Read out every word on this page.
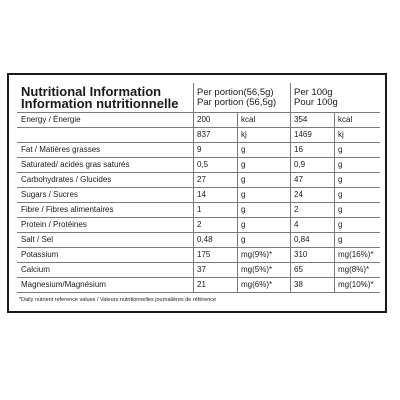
Nutritional Information
Information nutritionnelle	Per portion(56,5g)
Par portion (56,5g)		Per 100g
Pour 100g	

Energy / Énergie	200	kcal	354	kcal
	837	kj	1469	kj
Fat / Matières grasses	9	g	16	g
Saturated/ acides gras saturés	0,5	g	0,9	g
Carbohydrates / Glucides	27	g	47	g
Sugars / Sucres	14	g	24	g
Fibre / Fibres alimentaires	1	g	2	g
Protein / Protéines	2	g	4	g
Salt / Sel	0,48	g	0,84	g
Potassium	175	mg(9%)*	310	mg(16%)*
Calcium	37	mg(5%)*	65	mg(8%)*
Magnesium/Magnésium	21	mg(6%)*	38	mg(10%)*
*Daily nutrient reference values / Valeurs nutritionnelles journalières de référence
